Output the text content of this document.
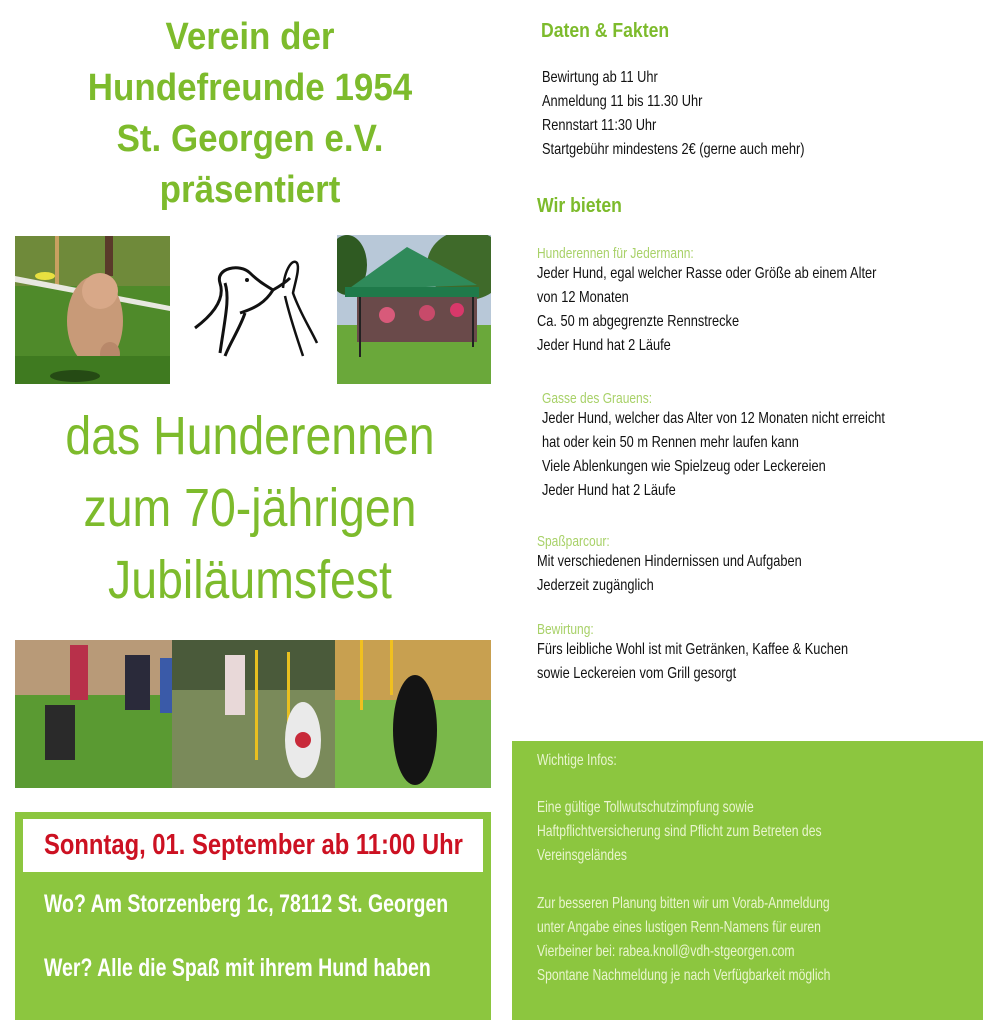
Verein der
Hundefreunde 1954
St. Georgen e.V.
präsentiert
das Hunderennen
zum 70-jährigen
Jubiläumsfest
Sonntag, 01. September ab 11:00 Uhr
Wo? Am Storzenberg 1c, 78112 St. Georgen
Wer? Alle die Spaß mit ihrem Hund haben
Daten & Fakten
Bewirtung ab 11 Uhr
Anmeldung 11 bis 11.30 Uhr
Rennstart 11:30 Uhr
Startgebühr mindestens 2€ (gerne auch mehr)
Wir bieten
Hunderennen für Jedermann:
Jeder Hund, egal welcher Rasse oder Größe ab einem Alter
von 12 Monaten
Ca. 50 m abgegrenzte Rennstrecke
Jeder Hund hat 2 Läufe
Gasse des Grauens:
Jeder Hund, welcher das Alter von 12 Monaten nicht erreicht
hat oder kein 50 m Rennen mehr laufen kann
Viele Ablenkungen wie Spielzeug oder Leckereien
Jeder Hund hat 2 Läufe
Spaßparcour:
Mit verschiedenen Hindernissen und Aufgaben
Jederzeit zugänglich
Bewirtung:
Fürs leibliche Wohl ist mit Getränken, Kaffee & Kuchen
sowie Leckereien vom Grill gesorgt
Wichtige Infos:
Eine gültige Tollwutschutzimpfung sowie
Haftpflichtversicherung sind Pflicht zum Betreten des
Vereinsgeländes
Zur besseren Planung bitten wir um Vorab-Anmeldung
unter Angabe eines lustigen Renn-Namens für euren
Vierbeiner bei: rabea.knoll@vdh-stgeorgen.com
Spontane Nachmeldung je nach Verfügbarkeit möglich
